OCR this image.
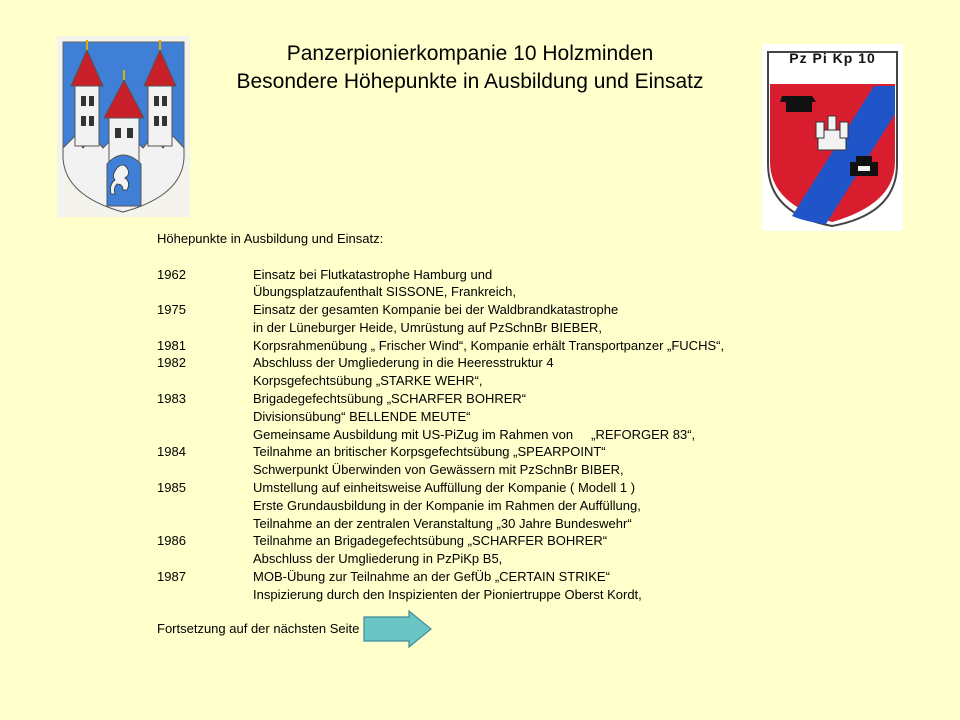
Panzerpionierkompanie 10 Holzminden
Besondere Höhepunkte in Ausbildung und Einsatz
Pz Pi Kp 10
Höhepunkte in Ausbildung und Einsatz:
1962	Einsatz bei Flutkatastrophe Hamburg und
Übungsplatzaufenthalt SISSONE, Frankreich,
1975	Einsatz der gesamten Kompanie bei der Waldbrandkatastrophe
in der Lüneburger Heide, Umrüstung auf PzSchnBr BIEBER,
1981	Korpsrahmenübung „ Frischer Wind“, Kompanie erhält Transportpanzer „FUCHS“,
1982	Abschluss der Umgliederung in die Heeresstruktur 4
Korpsgefechtsübung „STARKE WEHR“,
1983	Brigadegefechtsübung „SCHARFER BOHRER“
Divisionsübung“ BELLENDE MEUTE“
Gemeinsame Ausbildung mit US-PiZug im Rahmen von     „REFORGER 83“,
1984	Teilnahme an britischer Korpsgefechtsübung „SPEARPOINT“
Schwerpunkt Überwinden von Gewässern mit PzSchnBr BIBER,
1985	Umstellung auf einheitsweise Auffüllung der Kompanie ( Modell 1 )
Erste Grundausbildung in der Kompanie im Rahmen der Auffüllung,
Teilnahme an der zentralen Veranstaltung „30 Jahre Bundeswehr“
1986	Teilnahme an Brigadegefechtsübung „SCHARFER BOHRER“
Abschluss der Umgliederung in PzPiKp B5,
1987	MOB-Übung zur Teilnahme an der GefÜb „CERTAIN STRIKE“
Inspizierung durch den Inspizienten der Pioniertruppe Oberst Kordt,
Fortsetzung auf der nächsten Seite
